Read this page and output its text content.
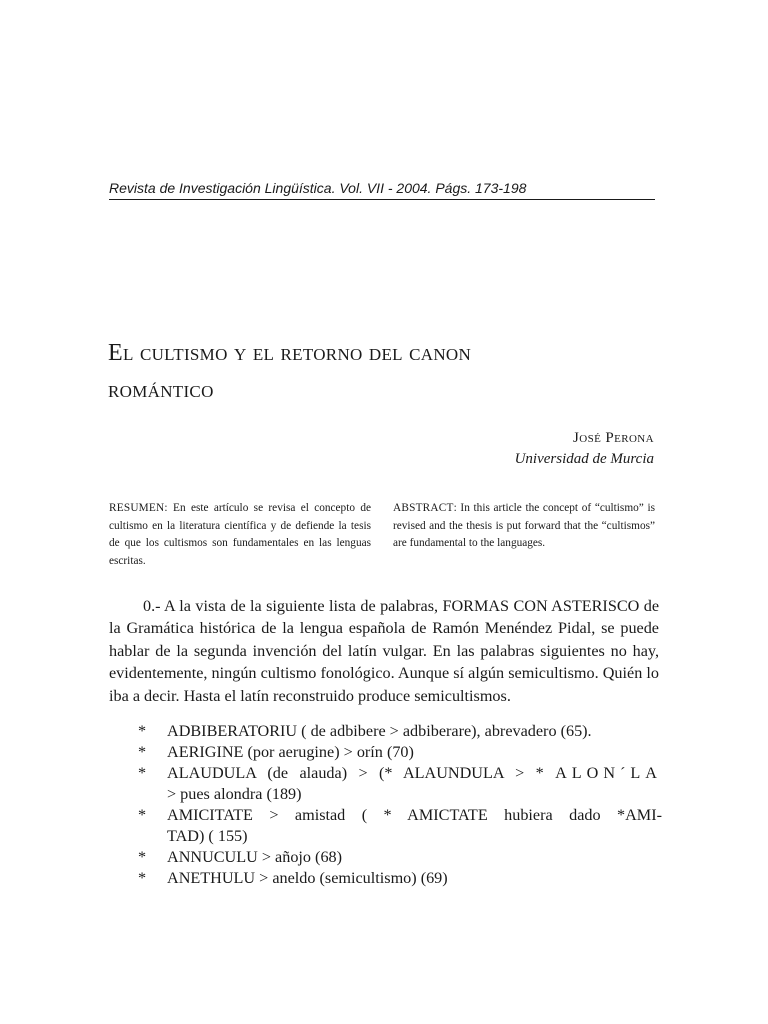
Revista de Investigación Lingüística. Vol. VII - 2004. Págs. 173-198
El cultismo y el retorno del canon
romántico
José Perona
Universidad de Murcia
RESUMEN: En este artículo se revisa el concepto de cultismo en la literatura científica y de defiende la tesis de que los cultismos son fundamentales en las lenguas escritas.
ABSTRACT: In this article the concept of “cultismo” is revised and the thesis is put forward that the “cultismos” are fundamental to the languages.
0.- A la vista de la siguiente lista de palabras, FORMAS CON ASTERISCO de la Gramática histórica de la lengua española de Ramón Menéndez Pidal, se puede hablar de la segunda invención del latín vulgar. En las palabras siguientes no hay, evidentemente, ningún cultismo fonológico. Aunque sí algún semicultismo. Quién lo iba a decir. Hasta el latín reconstruido produce semicultismos.
* ADBIBERATORIU ( de adbibere > adbiberare), abrevadero (65).
* AERIGINE (por aerugine) > orín (70)
* ALAUDULA (de alauda) > (* ALAUNDULA > * ALON´LA
> pues alondra (189)
* AMICITATE > amistad ( * AMICTATE hubiera dado *AMI-
TAD) ( 155)
* ANNUCULU > añojo (68)
* ANETHULU > aneldo (semicultismo) (69)
